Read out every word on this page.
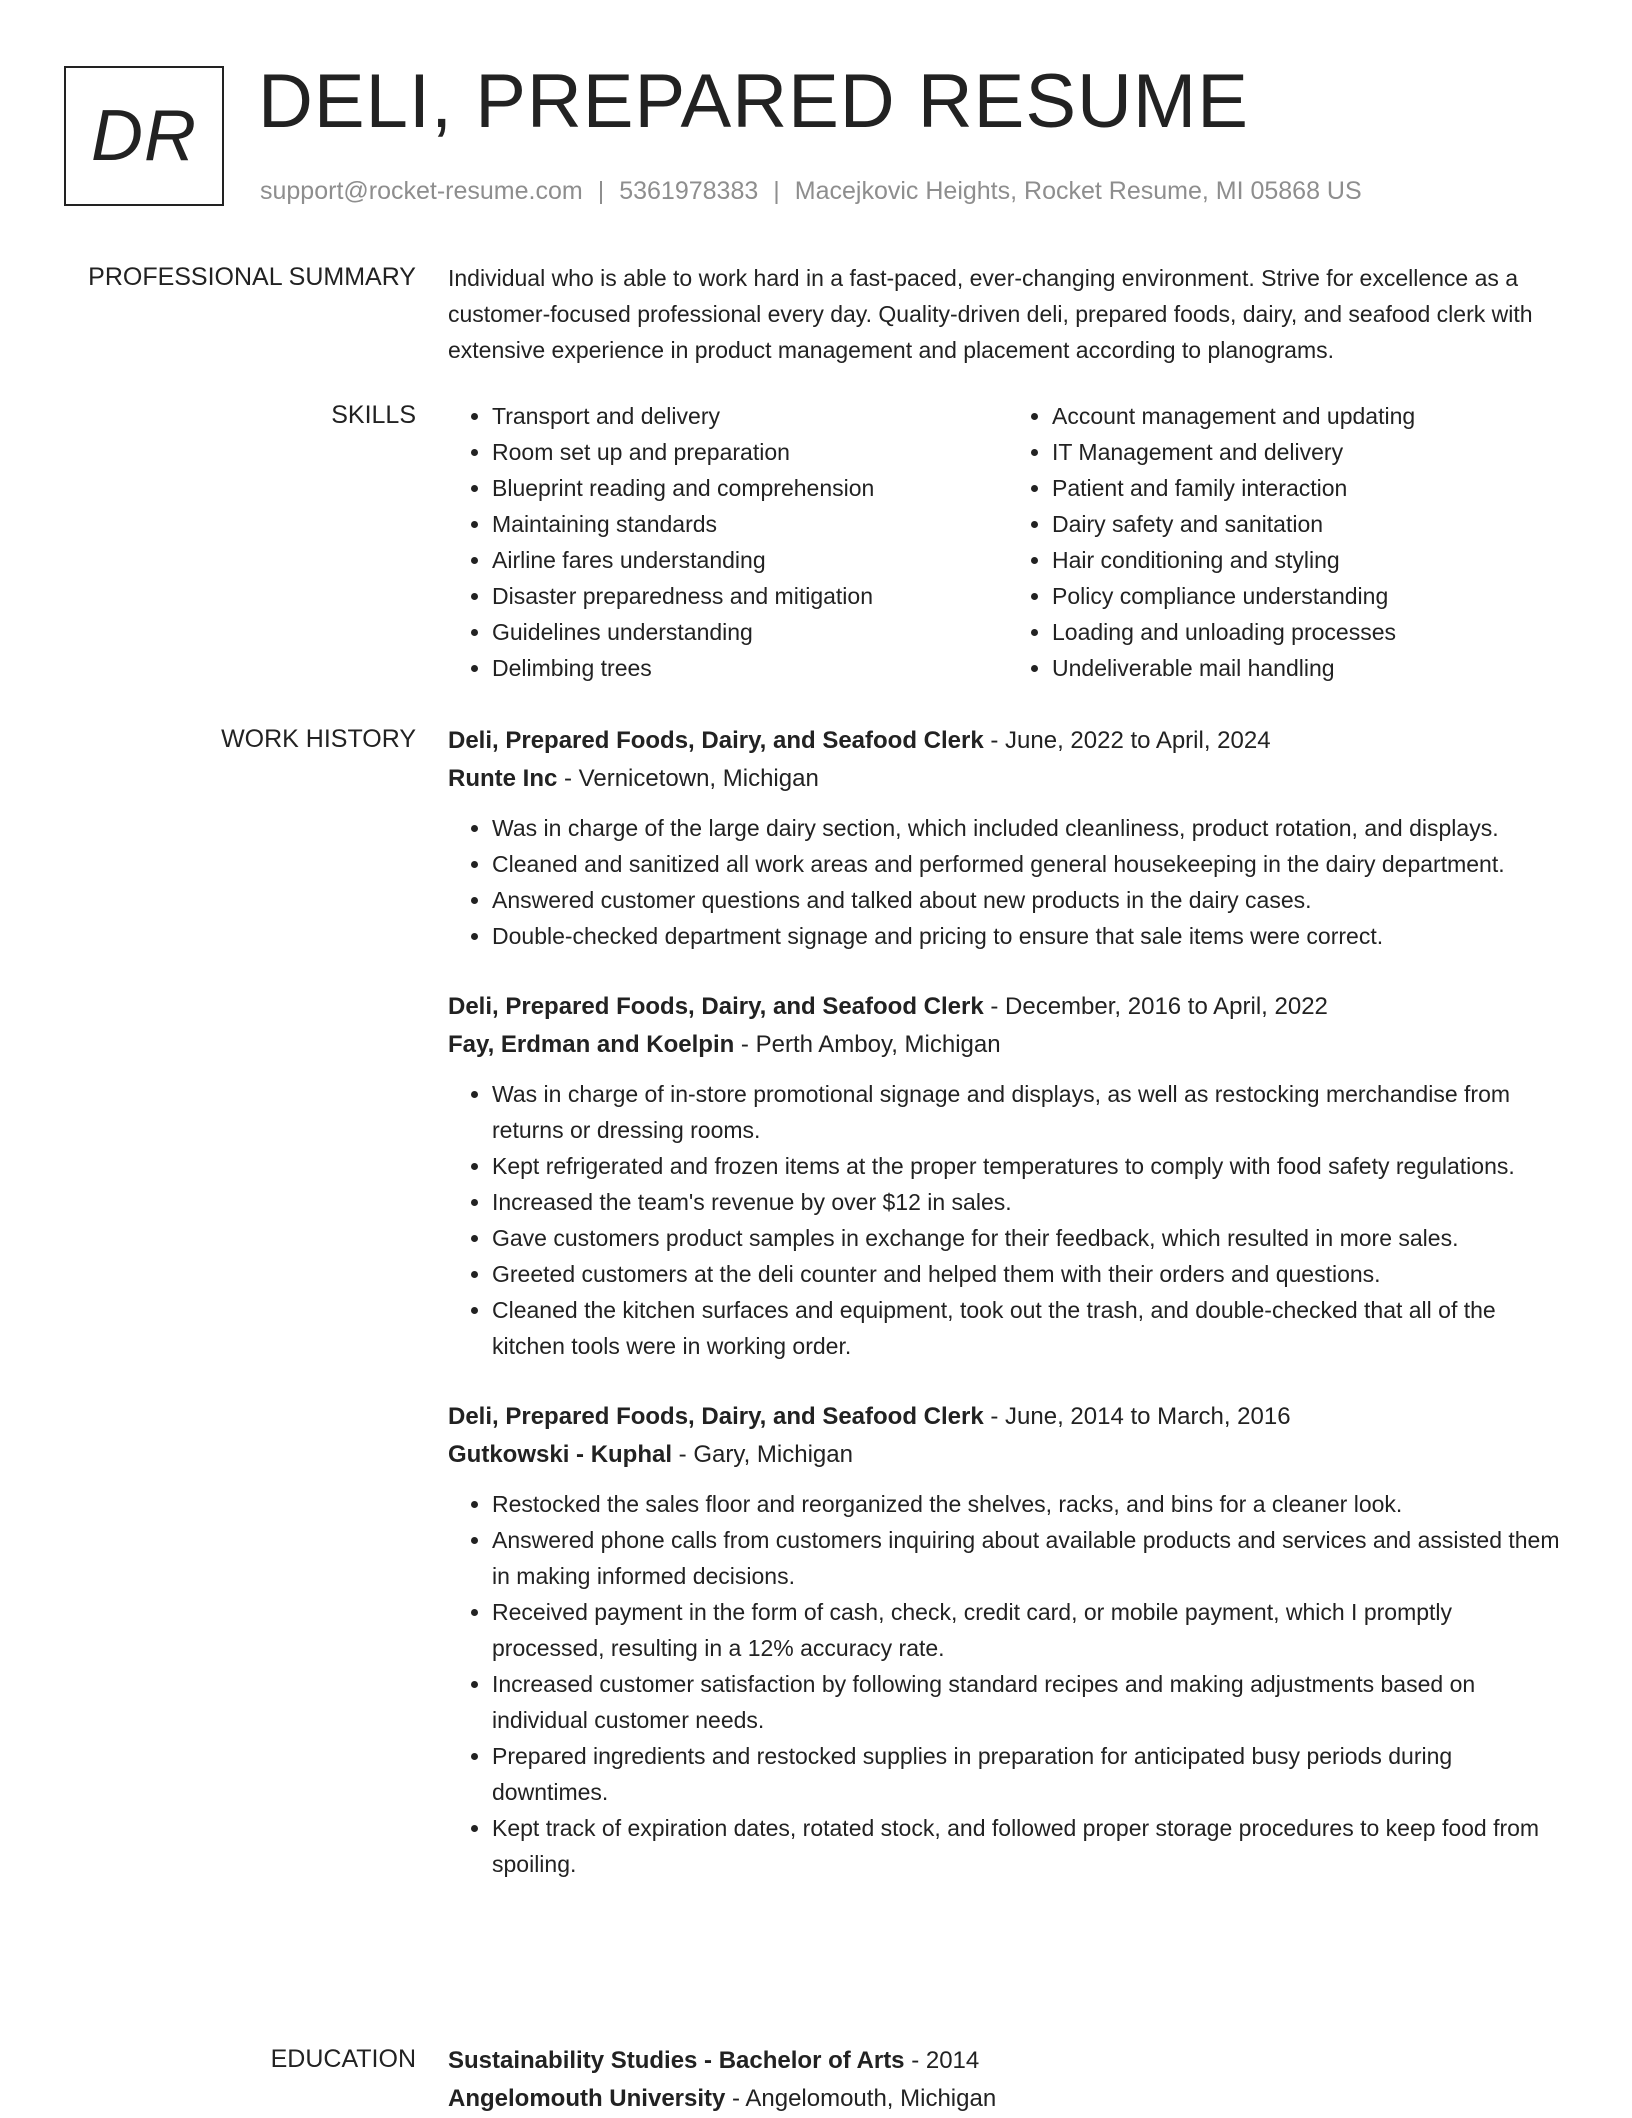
DR DELI, PREPARED RESUME
support@rocket-resume.com | 5361978383 | Macejkovic Heights, Rocket Resume, MI 05868 US
PROFESSIONAL SUMMARY Individual who is able to work hard in a fast-paced, ever-changing environment. Strive for excellence as a customer-focused professional every day. Quality-driven deli, prepared foods, dairy, and seafood clerk with extensive experience in product management and placement according to planograms.

SKILLS
•	Transport and delivery
• Room set up and preparation
• Blueprint reading and comprehension
• Maintaining standards
• Airline fares understanding
• Disaster preparedness and mitigation
• Guidelines understanding
• Delimbing trees
• Account management and updating
• IT Management and delivery
• Patient and family interaction
• Dairy safety and sanitation
• Hair conditioning and styling
• Policy compliance understanding
• Loading and unloading processes
• Undeliverable mail handling
WORK HISTORY Deli, Prepared Foods, Dairy, and Seafood Clerk - June, 2022 to April, 2024
Runte Inc - Vernicetown, Michigan
• Was in charge of the large dairy section, which included cleanliness, product rotation, and displays.
• Cleaned and sanitized all work areas and performed general housekeeping in the dairy department.
• Answered customer questions and talked about new products in the dairy cases.
• Double-checked department signage and pricing to ensure that sale items were correct.
Deli, Prepared Foods, Dairy, and Seafood Clerk - December, 2016 to April, 2022
Fay, Erdman and Koelpin - Perth Amboy, Michigan
• Was in charge of in-store promotional signage and displays, as well as restocking merchandise from returns or dressing rooms.
• Kept refrigerated and frozen items at the proper temperatures to comply with food safety regulations.
• Increased the team's revenue by over $12 in sales.
• Gave customers product samples in exchange for their feedback, which resulted in more sales.
• Greeted customers at the deli counter and helped them with their orders and questions.
• Cleaned the kitchen surfaces and equipment, took out the trash, and double-checked that all of the kitchen tools were in working order.
Deli, Prepared Foods, Dairy, and Seafood Clerk - June, 2014 to March, 2016
Gutkowski - Kuphal - Gary, Michigan
• Restocked the sales floor and reorganized the shelves, racks, and bins for a cleaner look.
• Answered phone calls from customers inquiring about available products and services and assisted them in making informed decisions.
• Received payment in the form of cash, check, credit card, or mobile payment, which I promptly processed, resulting in a 12% accuracy rate.
• Increased customer satisfaction by following standard recipes and making adjustments based on individual customer needs.
• Prepared ingredients and restocked supplies in preparation for anticipated busy periods during downtimes.
• Kept track of expiration dates, rotated stock, and followed proper storage procedures to keep food from spoiling.
EDUCATION Sustainability Studies - Bachelor of Arts - 2014
Angelomouth University - Angelomouth, Michigan
